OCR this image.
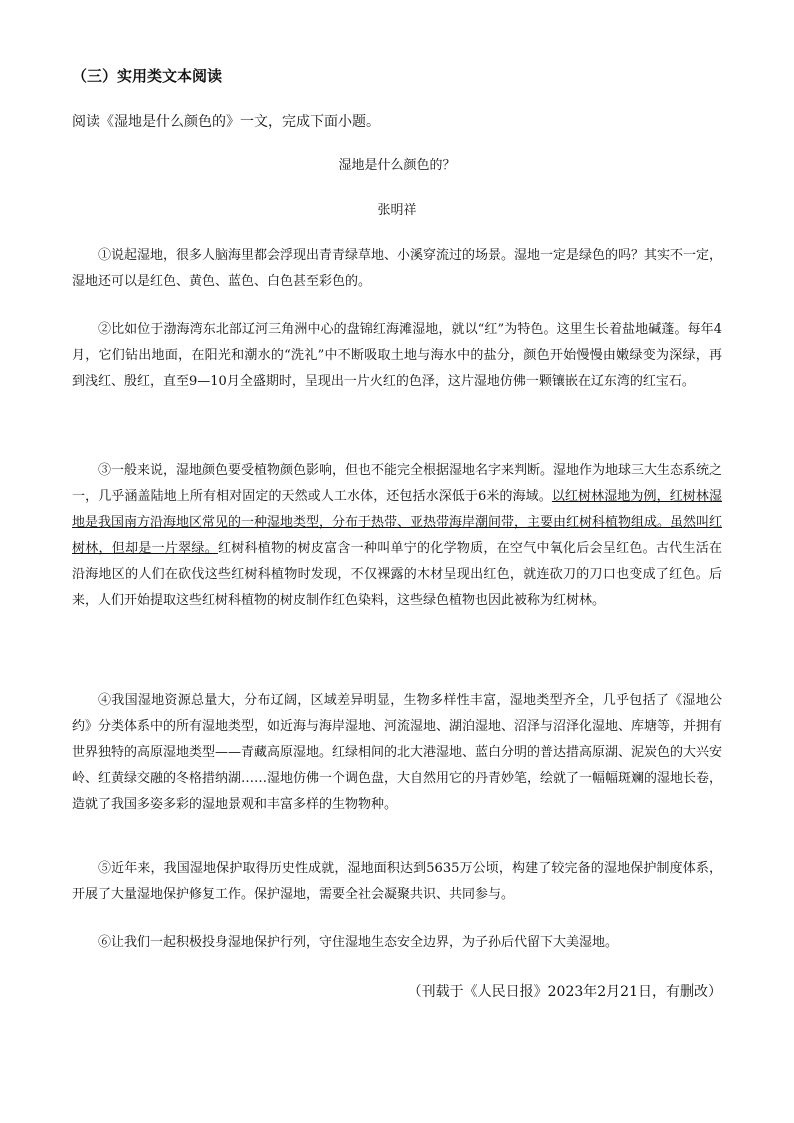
（三）实用类文本阅读
阅读《湿地是什么颜色的》一文，完成下面小题。
湿地是什么颜色的？
张明祥

①说起湿地，很多人脑海里都会浮现出青青绿草地、小溪穿流过的场景。湿地一定是绿色的吗？其实不一定，湿地还可以是红色、黄色、蓝色、白色甚至彩色的。

②比如位于渤海湾东北部辽河三角洲中心的盘锦红海滩湿地，就以“红”为特色。这里生长着盐地碱蓬。每年4月，它们钻出地面，在阳光和潮水的“洗礼”中不断吸取土地与海水中的盐分，颜色开始慢慢由嫩绿变为深绿，再到浅红、殷红，直至9—10月全盛期时，呈现出一片火红的色泽，这片湿地仿佛一颗镶嵌在辽东湾的红宝石。

③一般来说，湿地颜色要受植物颜色影响，但也不能完全根据湿地名字来判断。湿地作为地球三大生态系统之一，几乎涵盖陆地上所有相对固定的天然或人工水体，还包括水深低于6米的海域。以红树林湿地为例，红树林湿地是我国南方沿海地区常见的一种湿地类型，分布于热带、亚热带海岸潮间带，主要由红树科植物组成。虽然叫红树林，但却是一片翠绿。红树科植物的树皮富含一种叫单宁的化学物质，在空气中氧化后会呈红色。古代生活在沿海地区的人们在砍伐这些红树科植物时发现，不仅裸露的木材呈现出红色，就连砍刀的刀口也变成了红色。后来，人们开始提取这些红树科植物的树皮制作红色染料，这些绿色植物也因此被称为红树林。

④我国湿地资源总量大，分布辽阔，区域差异明显，生物多样性丰富，湿地类型齐全，几乎包括了《湿地公约》分类体系中的所有湿地类型，如近海与海岸湿地、河流湿地、湖泊湿地、沼泽与沼泽化湿地、库塘等，并拥有世界独特的高原湿地类型——青藏高原湿地。红绿相间的北大港湿地、蓝白分明的普达措高原湖、泥炭色的大兴安岭、红黄绿交融的冬格措纳湖……湿地仿佛一个调色盘，大自然用它的丹青妙笔，绘就了一幅幅斑斓的湿地长卷，造就了我国多姿多彩的湿地景观和丰富多样的生物物种。

⑤近年来，我国湿地保护取得历史性成就，湿地面积达到5635万公顷，构建了较完备的湿地保护制度体系，开展了大量湿地保护修复工作。保护湿地，需要全社会凝聚共识、共同参与。

⑥让我们一起积极投身湿地保护行列，守住湿地生态安全边界，为子孙后代留下大美湿地。

（刊载于《人民日报》2023年2月21日，有删改）
